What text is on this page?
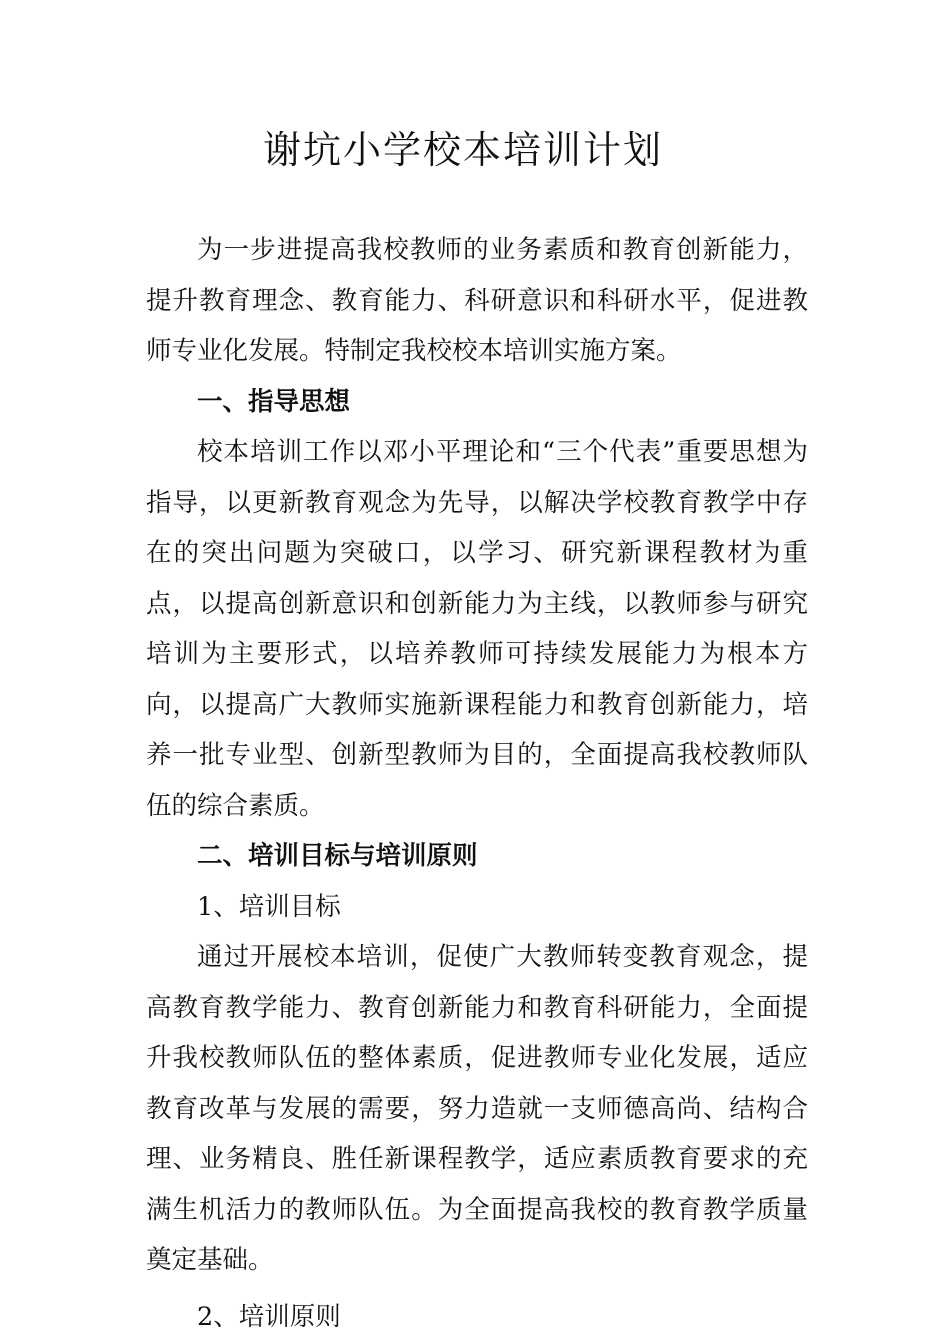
谢坑小学校本培训计划

为一步进提高我校教师的业务素质和教育创新能力，提升教育理念、教育能力、科研意识和科研水平，促进教师专业化发展。特制定我校校本培训实施方案。

一、指导思想

校本培训工作以邓小平理论和“三个代表”重要思想为指导，以更新教育观念为先导，以解决学校教育教学中存在的突出问题为突破口，以学习、研究新课程教材为重点，以提高创新意识和创新能力为主线，以教师参与研究培训为主要形式，以培养教师可持续发展能力为根本方向，以提高广大教师实施新课程能力和教育创新能力，培养一批专业型、创新型教师为目的，全面提高我校教师队伍的综合素质。

二、培训目标与培训原则

1、培训目标

通过开展校本培训，促使广大教师转变教育观念，提高教育教学能力、教育创新能力和教育科研能力，全面提升我校教师队伍的整体素质，促进教师专业化发展，适应教育改革与发展的需要，努力造就一支师德高尚、结构合理、业务精良、胜任新课程教学，适应素质教育要求的充满生机活力的教师队伍。为全面提高我校的教育教学质量奠定基础。

2、培训原则
